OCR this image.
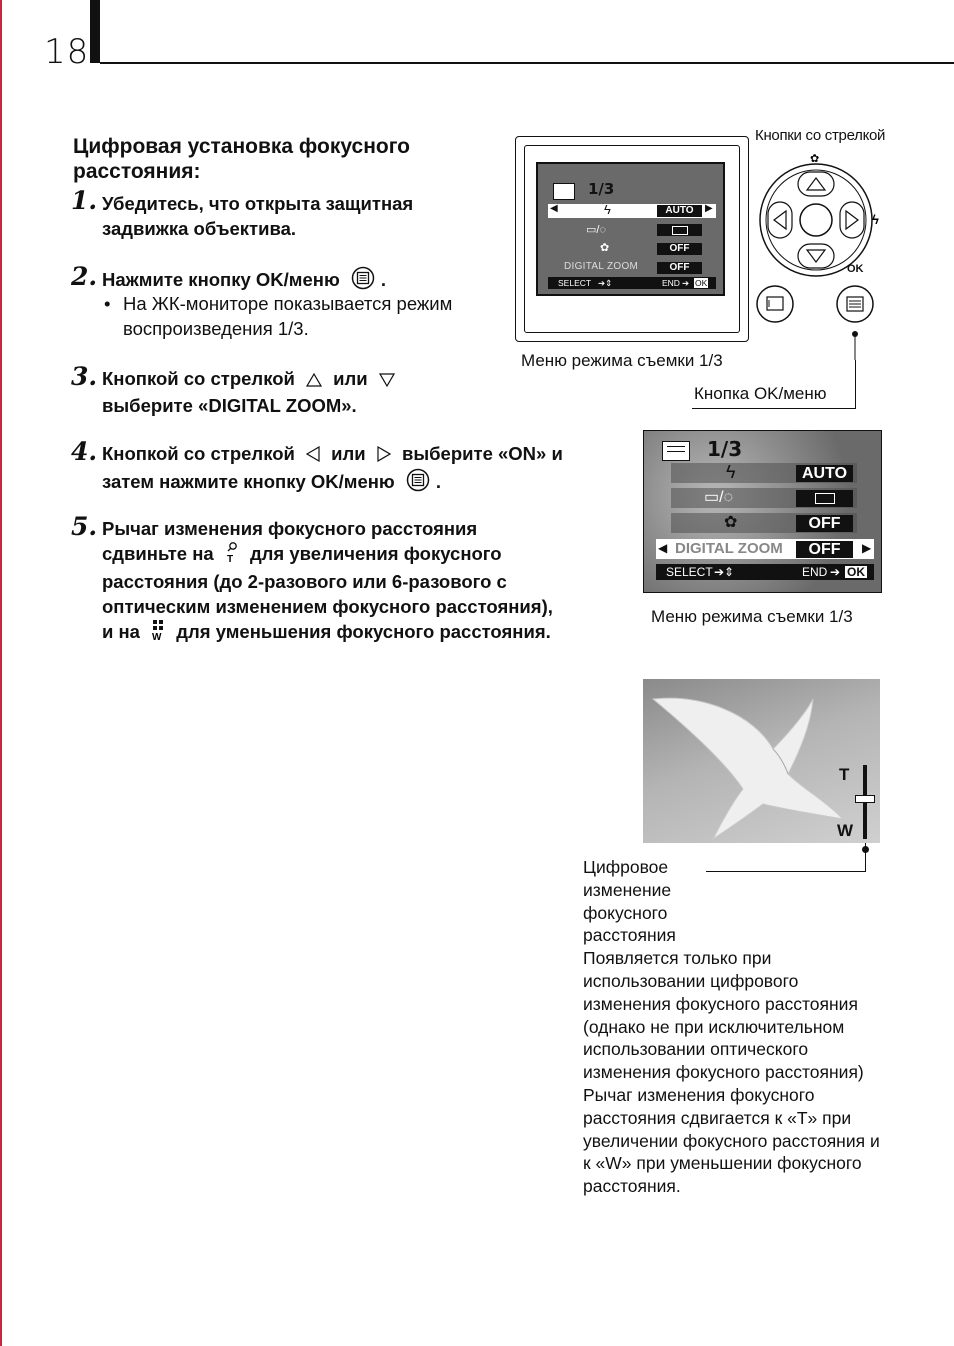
18
Цифровая установка фокусного расстояния:
1. Убедитесь, что открыта защитная задвижка объектива.
2. Нажмите кнопку OK/меню .
• На ЖК-мониторе показывается режим воспроизведения 1/3.
3. Кнопкой со стрелкой или  выберите «DIGITAL ZOOM».
4. Кнопкой со стрелкой или выберите «ON» и затем нажмите кнопку OK/меню .
5. Рычаг изменения фокусного расстояния сдвиньте на T для увеличения фокусного расстояния (до 2-разового или 6-разового с оптическим изменением фокусного расстояния), и на W для уменьшения фокусного расстояния.
1/3
◀	ϟ	AUTO	▶
▭/◌
✿	OFF
DIGITAL ZOOM	OFF
SELECT ➔⇕	END ➔ OK
Кнопки со стрелкой
✿
ϟ
OK
Меню режима съемки 1/3
Кнопка OK/меню
1/3
ϟ	AUTO
▭/◌
✿	OFF
◀ DIGITAL ZOOM	OFF	▶
SELECT ➔⇕	END ➔ OK
Меню режима съемки 1/3
T
W
Цифровое изменение фокусного расстояния
Появляется только при использовании цифрового изменения фокусного расстояния (однако не при исключительном использовании оптического изменения фокусного расстояния) Рычаг изменения фокусного расстояния сдвигается к «T» при увеличении фокусного расстояния и к «W» при уменьшении фокусного расстояния.
